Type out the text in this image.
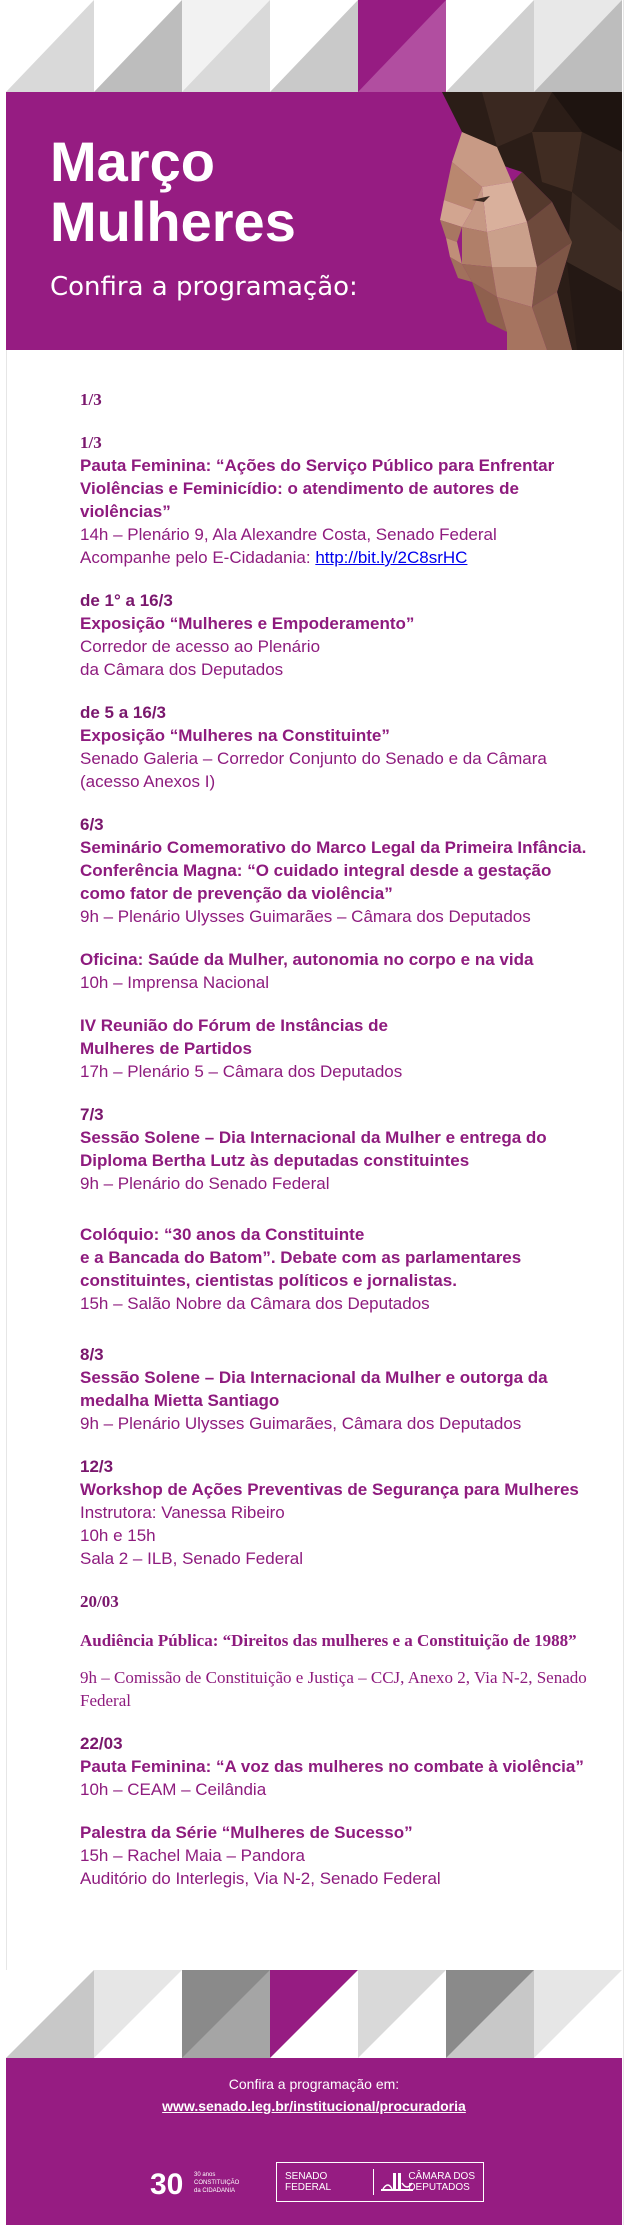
Março
Mulheres
Confira a programação:
1/3
1/3
Pauta Feminina: “Ações do Serviço Público para Enfrentar Violências e Feminicídio: o atendimento de autores de violências”
14h – Plenário 9, Ala Alexandre Costa, Senado Federal
Acompanhe pelo E-Cidadania: http://bit.ly/2C8srHC
de 1° a 16/3
Exposição “Mulheres e Empoderamento”
Corredor de acesso ao Plenário
da Câmara dos Deputados
de 5 a 16/3
Exposição “Mulheres na Constituinte”
Senado Galeria – Corredor Conjunto do Senado e da Câmara (acesso Anexos I)
6/3
Seminário Comemorativo do Marco Legal da Primeira Infância. Conferência Magna: “O cuidado integral desde a gestação como fator de prevenção da violência”
9h – Plenário Ulysses Guimarães – Câmara dos Deputados
Oficina: Saúde da Mulher, autonomia no corpo e na vida
10h – Imprensa Nacional
IV Reunião do Fórum de Instâncias de
Mulheres de Partidos
17h – Plenário 5 – Câmara dos Deputados
7/3
Sessão Solene – Dia Internacional da Mulher e entrega do Diploma Bertha Lutz às deputadas constituintes
9h – Plenário do Senado Federal
Colóquio: “30 anos da Constituinte
e a Bancada do Batom”. Debate com as parlamentares constituintes, cientistas políticos e jornalistas.
15h – Salão Nobre da Câmara dos Deputados
8/3
Sessão Solene – Dia Internacional da Mulher e outorga da medalha Mietta Santiago
9h – Plenário Ulysses Guimarães, Câmara dos Deputados
12/3
Workshop de Ações Preventivas de Segurança para Mulheres Instrutora: Vanessa Ribeiro
10h e 15h
Sala 2 – ILB, Senado Federal
20/03
Audiência Pública: “Direitos das mulheres e a Constituição de 1988”
9h – Comissão de Constituição e Justiça – CCJ, Anexo 2, Via N-2, Senado Federal
22/03
Pauta Feminina: “A voz das mulheres no combate à violência”
10h – CEAM – Ceilândia
Palestra da Série “Mulheres de Sucesso”
15h – Rachel Maia – Pandora
Auditório do Interlegis, Via N-2, Senado Federal
Confira a programação em:
www.senado.leg.br/institucional/procuradoria
30 30 anos
CONSTITUIÇÃO
da CIDADANIA
SENADO
FEDERAL
CÂMARA DOS
DEPUTADOS
